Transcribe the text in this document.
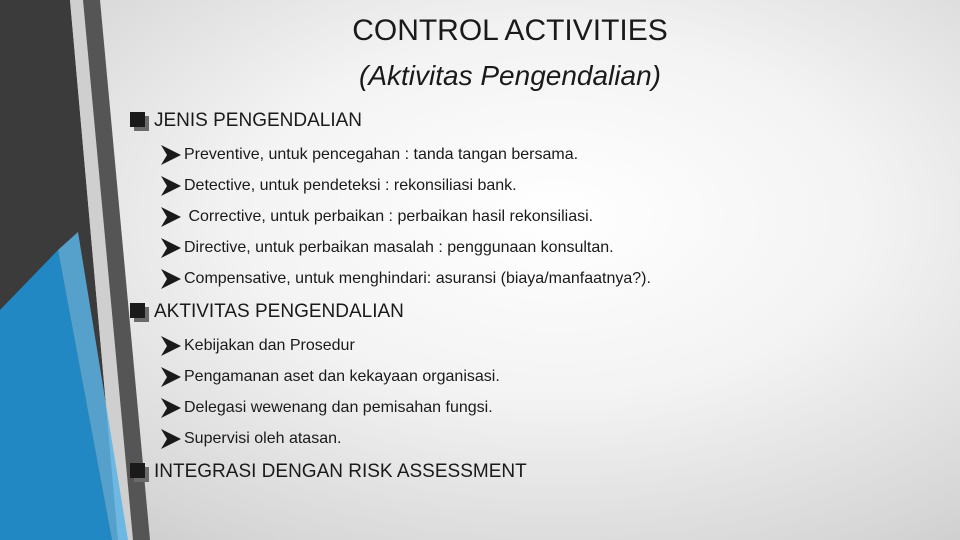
CONTROL ACTIVITIES
(Aktivitas Pengendalian)
JENIS PENGENDALIAN
Preventive, untuk pencegahan : tanda tangan bersama.
Detective, untuk pendeteksi : rekonsiliasi bank.
Corrective, untuk perbaikan : perbaikan hasil rekonsiliasi.
Directive, untuk perbaikan masalah : penggunaan konsultan.
Compensative, untuk menghindari: asuransi (biaya/manfaatnya?).
AKTIVITAS PENGENDALIAN
Kebijakan dan Prosedur
Pengamanan aset dan kekayaan organisasi.
Delegasi wewenang dan pemisahan fungsi.
Supervisi oleh atasan.
INTEGRASI DENGAN RISK ASSESSMENT
